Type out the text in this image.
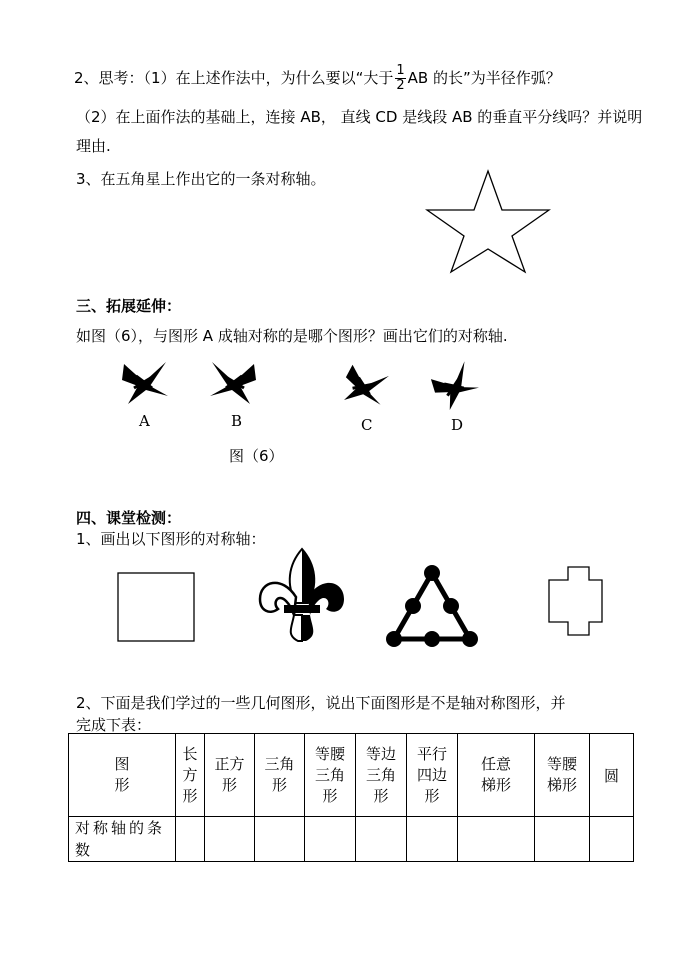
2、思考：（1）在上述作法中，为什么要以“大于 $\frac{1}{2}$ AB 的长”为半径作弧？
（2）在上面作法的基础上，连接 AB， 直线 CD 是线段 AB 的垂直平分线吗？并说明
理由.
3、在五角星上作出它的一条对称轴。
三、拓展延伸：
如图（6），与图形 A 成轴对称的是哪个图形？画出它们的对称轴.
A	B	C	D
图（6）
四、课堂检测：
1、画出以下图形的对称轴：
2、下面是我们学过的一些几何图形，说出下面图形是不是轴对称图形，并
完成下表：
图形	长方形	正方形	三角形	等腰三角形	等边三角形	平行四边形	任意梯形	等腰梯形	圆
对称轴的条数									
